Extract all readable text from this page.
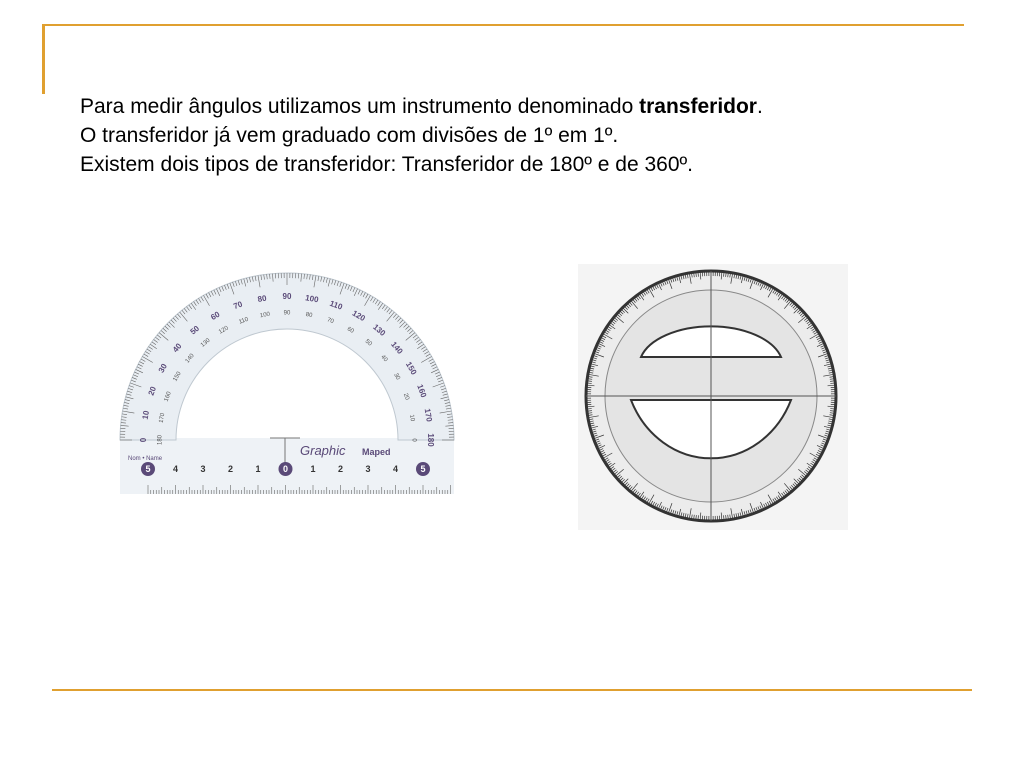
Para medir ângulos utilizamos um instrumento denominado transferidor.

O transferidor já vem graduado com divisões de 1º em 1º.

Existem dois tipos de transferidor: Transferidor de 180º e de 360º.

0
10
20
30
40
50
60
70
80 90 100
110
120
130
140
150
160
170
180
180
170
160
150
140
130
120
110
100 90 80
70
60
50
40
30
20
10
0
Nom • Name
Graphic Maped
5 4 3 2 1 0 1 2 3 4 5
